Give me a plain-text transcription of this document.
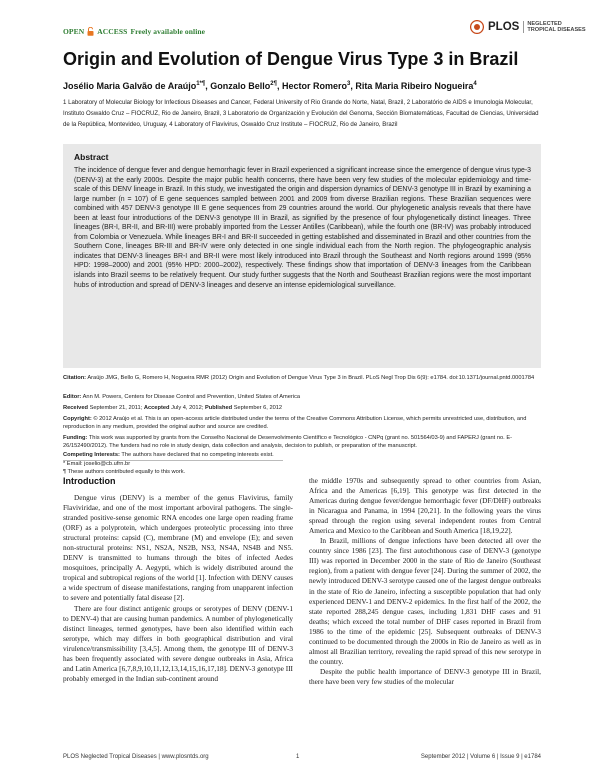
OPEN ACCESS Freely available online	PLOS	NEGLECTED TROPICAL DISEASES
Origin and Evolution of Dengue Virus Type 3 in Brazil
Josélio Maria Galvão de Araújo$^{1*\P}$, Gonzalo Bello$^{2\P}$, Hector Romero$^3$, Rita Maria Ribeiro Nogueira$^4$
1 Laboratory of Molecular Biology for Infectious Diseases and Cancer, Federal University of Rio Grande do Norte, Natal, Brazil, 2 Laboratório de AIDS e Imunologia Molecular, Instituto Oswaldo Cruz – FIOCRUZ, Rio de Janeiro, Brazil, 3 Laboratorio de Organización y Evolución del Genoma, Sección Biomatemáticas, Facultad de Ciencias, Universidad de la República, Montevideo, Uruguay, 4 Laboratory of Flavivirus, Oswaldo Cruz Institute – FIOCRUZ, Rio de Janeiro, Brazil
Abstract
The incidence of dengue fever and dengue hemorrhagic fever in Brazil experienced a significant increase since the emergence of dengue virus type-3 (DENV-3) at the early 2000s. Despite the major public health concerns, there have been very few studies of the molecular epidemiology and time-scale of this DENV lineage in Brazil. In this study, we investigated the origin and dispersion dynamics of DENV-3 genotype III in Brazil by examining a large number (n = 107) of E gene sequences sampled between 2001 and 2009 from diverse Brazilian regions. These Brazilian sequences were combined with 457 DENV-3 genotype III E gene sequences from 29 countries around the world. Our phylogenetic analysis reveals that there have been at least four introductions of the DENV-3 genotype III in Brazil, as signified by the presence of four phylogenetically distinct lineages. Three lineages (BR-I, BR-II, and BR-III) were probably imported from the Lesser Antilles (Caribbean), while the fourth one (BR-IV) was probably introduced from Colombia or Venezuela. While lineages BR-I and BR-II succeeded in getting established and disseminated in Brazil and other countries from the Southern Cone, lineages BR-III and BR-IV were only detected in one single individual each from the North region. The phylogeographic analysis indicates that DENV-3 lineages BR-I and BR-II were most likely introduced into Brazil through the Southeast and North regions around 1999 (95% HPD: 1998–2000) and 2001 (95% HPD: 2000–2002), respectively. These findings show that importation of DENV-3 lineages from the Caribbean islands into Brazil seems to be relatively frequent. Our study further suggests that the North and Southeast Brazilian regions were the most important hubs of introduction and spread of DENV-3 lineages and deserve an intense epidemiological surveillance.
Citation: Araújo JMG, Bello G, Romero H, Nogueira RMR (2012) Origin and Evolution of Dengue Virus Type 3 in Brazil. PLoS Negl Trop Dis 6(9): e1784. doi:10.1371/journal.pntd.0001784
Editor: Ann M. Powers, Centers for Disease Control and Prevention, United States of America
Received September 21, 2011; Accepted July 4, 2012; Published September 6, 2012
Copyright: © 2012 Araújo et al. This is an open-access article distributed under the terms of the Creative Commons Attribution License, which permits unrestricted use, distribution, and reproduction in any medium, provided the original author and source are credited.
Funding: This work was supported by grants from the Conselho Nacional de Desenvolvimento Científico e Tecnológico - CNPq (grant no. 501564/03-9) and FAPERJ (grant no. E-26/152490/2012). The funders had no role in study design, data collection and analysis, decision to publish, or preparation of the manuscript.
Competing Interests: The authors have declared that no competing interests exist.
* Email: joselio@cb.ufrn.br
¶ These authors contributed equally to this work.
Introduction

Dengue virus (DENV) is a member of the genus Flavivirus, family Flaviviridae, and one of the most important arboviral pathogens. The single-stranded positive-sense genomic RNA encodes one large open reading frame (ORF) as a polyprotein, which undergoes proteolytic processing into three structural proteins: capsid (C), membrane (M) and envelope (E); and seven non-structural proteins: NS1, NS2A, NS2B, NS3, NS4A, NS4B and NS5. DENV is transmitted to humans through the bites of infected Aedes mosquitoes, principally A. Aegypti, which is widely distributed around the tropical and subtropical regions of the world [1]. Infection with DENV causes a wide spectrum of disease manifestations, ranging from unapparent infection to severe and potentially fatal disease [2].

There are four distinct antigenic groups or serotypes of DENV (DENV-1 to DENV-4) that are causing human pandemics. A number of phylogenetically distinct lineages, termed genotypes, have been also identified within each serotype, which may differs in both geographical distribution and viral virulence/transmissibility [3,4,5]. Among them, the genotype III of DENV-3 has been frequently associated with severe dengue outbreaks in Asia, Africa and Latin America [6,7,8,9,10,11,12,13,14,15,16,17,18]. DENV-3 genotype III probably emerged in the Indian sub-continent around

the middle 1970s and subsequently spread to other countries from Asian, Africa and the Americas [6,19]. This genotype was first detected in the Americas during dengue fever/dengue hemorrhagic fever (DF/DHF) outbreaks in Nicaragua and Panama, in 1994 [20,21]. In the following years the virus spread through the region using several independent routes from Central America and Mexico to the Caribbean and South America [18,19,22].

In Brazil, millions of dengue infections have been detected all over the country since 1986 [23]. The first autochthonous case of DENV-3 (genotype III) was reported in December 2000 in the state of Rio de Janeiro (Southeast region), from a patient with dengue fever [24]. During the summer of 2002, the newly introduced DENV-3 serotype caused one of the largest dengue outbreaks in the state of Rio de Janeiro, infecting a susceptible population that had only experienced DENV-1 and DENV-2 epidemics. In the first half of the 2002, the state reported 288,245 dengue cases, including 1,831 DHF cases and 91 deaths; which exceed the total number of DHF cases reported in Brazil from 1986 to the time of the epidemic [25]. Subsequent outbreaks of DENV-3 continued to be documented through the 2000s in Rio de Janeiro as well as in almost all Brazilian territory, revealing the rapid spread of this new serotype in the country.

Despite the public health importance of DENV-3 genotype III in Brazil, there have been very few studies of the molecular

PLOS Neglected Tropical Diseases | www.plosntds.org	1	September 2012 | Volume 6 | Issue 9 | e1784
